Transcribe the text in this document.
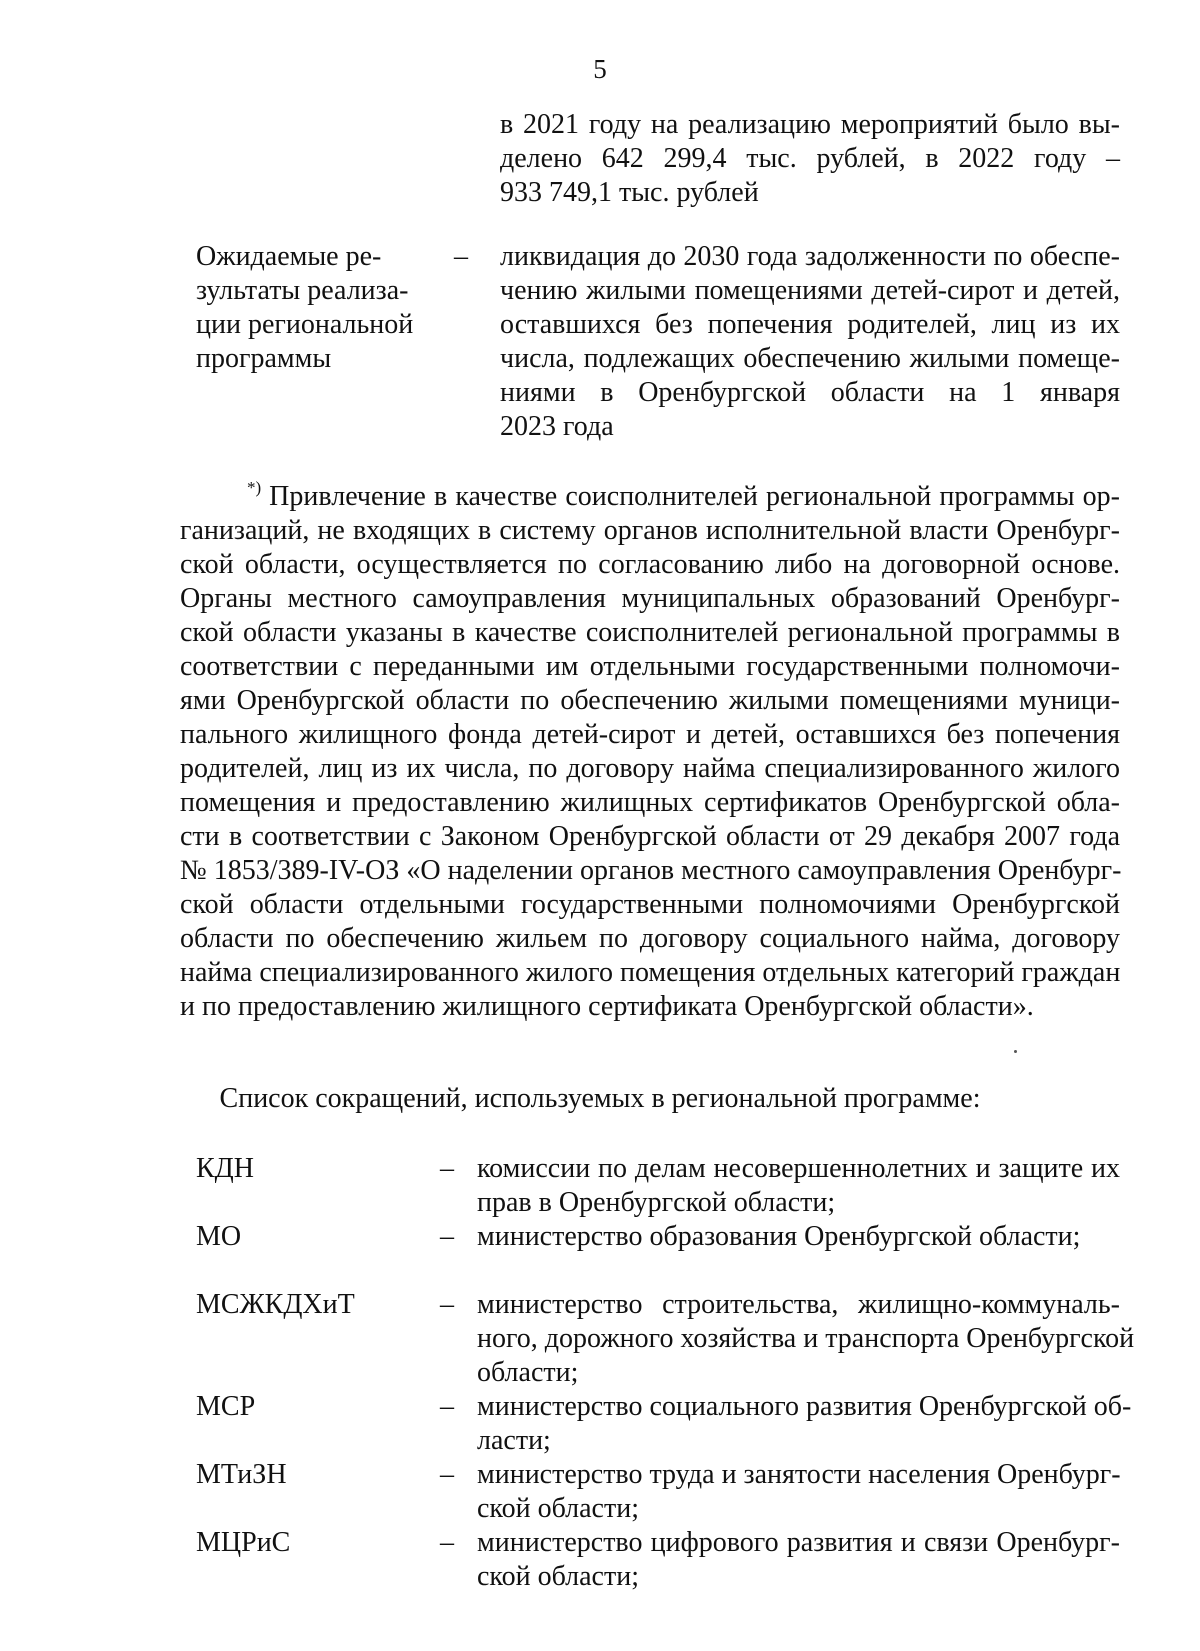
5
в 2021 году на реализацию мероприятий было вы-
делено 642 299,4 тыс. рублей, в 2022 году –
933 749,1 тыс. рублей
Ожидаемые ре-
зультаты реализа-
ции региональной
программы
– ликвидация до 2030 года задолженности по обеспе-
чению жилыми помещениями детей-сирот и детей,
оставшихся без попечения родителей, лиц из их
числа, подлежащих обеспечению жилыми помеще-
ниями в Оренбургской области на 1 января
2023 года
*) Привлечение в качестве соисполнителей региональной программы ор-
ганизаций, не входящих в систему органов исполнительной власти Оренбург-
ской области, осуществляется по согласованию либо на договорной основе.
Органы местного самоуправления муниципальных образований Оренбург-
ской области указаны в качестве соисполнителей региональной программы в
соответствии с переданными им отдельными государственными полномочи-
ями Оренбургской области по обеспечению жилыми помещениями муници-
пального жилищного фонда детей-сирот и детей, оставшихся без попечения
родителей, лиц из их числа, по договору найма специализированного жилого
помещения и предоставлению жилищных сертификатов Оренбургской обла-
сти в соответствии с Законом Оренбургской области от 29 декабря 2007 года
№ 1853/389-IV-ОЗ «О наделении органов местного самоуправления Оренбург-
ской области отдельными государственными полномочиями Оренбургской
области по обеспечению жильем по договору социального найма, договору
найма специализированного жилого помещения отдельных категорий граждан
и по предоставлению жилищного сертификата Оренбургской области».
Список сокращений, используемых в региональной программе:
КДН	– комиссии по делам несовершеннолетних и защите их
прав в Оренбургской области;
МО	– министерство образования Оренбургской области;
МСЖКДХиТ	– министерство строительства, жилищно-коммуналь-
ного, дорожного хозяйства и транспорта Оренбургской
области;
МСР	– министерство социального развития Оренбургской об-
ласти;
МТиЗН	– министерство труда и занятости населения Оренбург-
ской области;
МЦРиС	– министерство цифрового развития и связи Оренбург-
ской области;
